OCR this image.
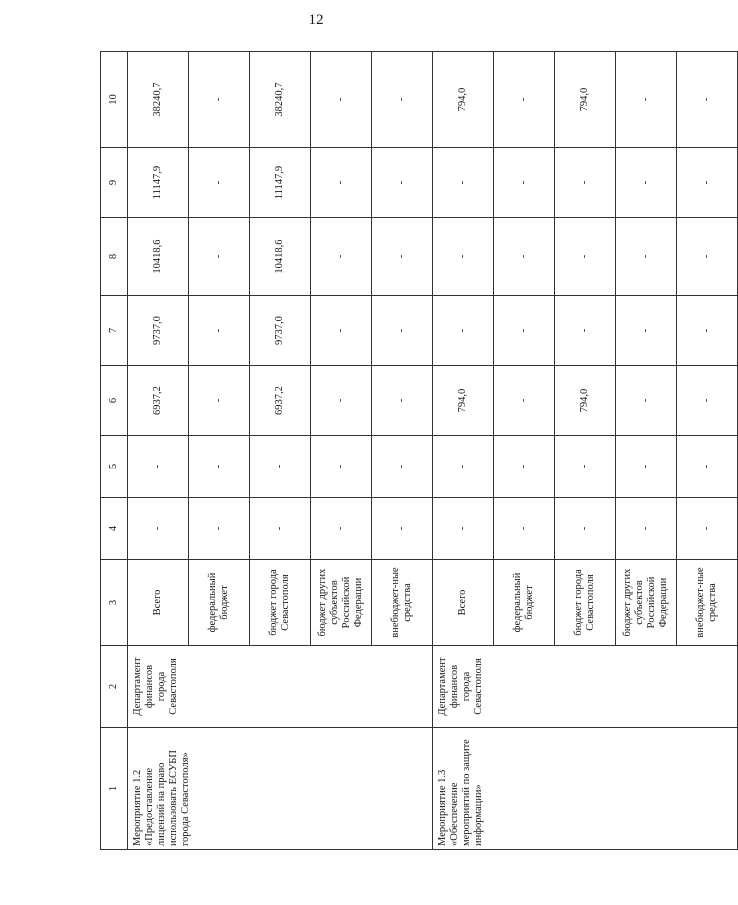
12
1	2	3	4	5	6	7	8	9	10
Мероприятие 1.2 «Предоставление лицензий на право использовать ЕСУБП города Севастополя»	Департамент финансов города Севастополя	Всего	-	-	6937,2	9737,0	10418,6	11147,9	38240,7
		федеральный бюджет	-	-	-	-	-	-	-
		бюджет города Севастополя	-	-	6937,2	9737,0	10418,6	11147,9	38240,7
		бюджет других субъектов Российской Федерации	-	-	-	-	-	-	-
		внебюджет-ные средства	-	-	-	-	-	-	-
Мероприятие 1.3 «Обеспечение мероприятий по защите информации»	Департамент финансов города Севастополя	Всего	-	-	794,0	-	-	-	794,0
		федеральный бюджет	-	-	-	-	-	-	-
		бюджет города Севастополя	-	-	794,0	-	-	-	794,0
		бюджет других субъектов Российской Федерации	-	-	-	-	-	-	-
		внебюджет-ные средства	-	-	-	-	-	-	-
